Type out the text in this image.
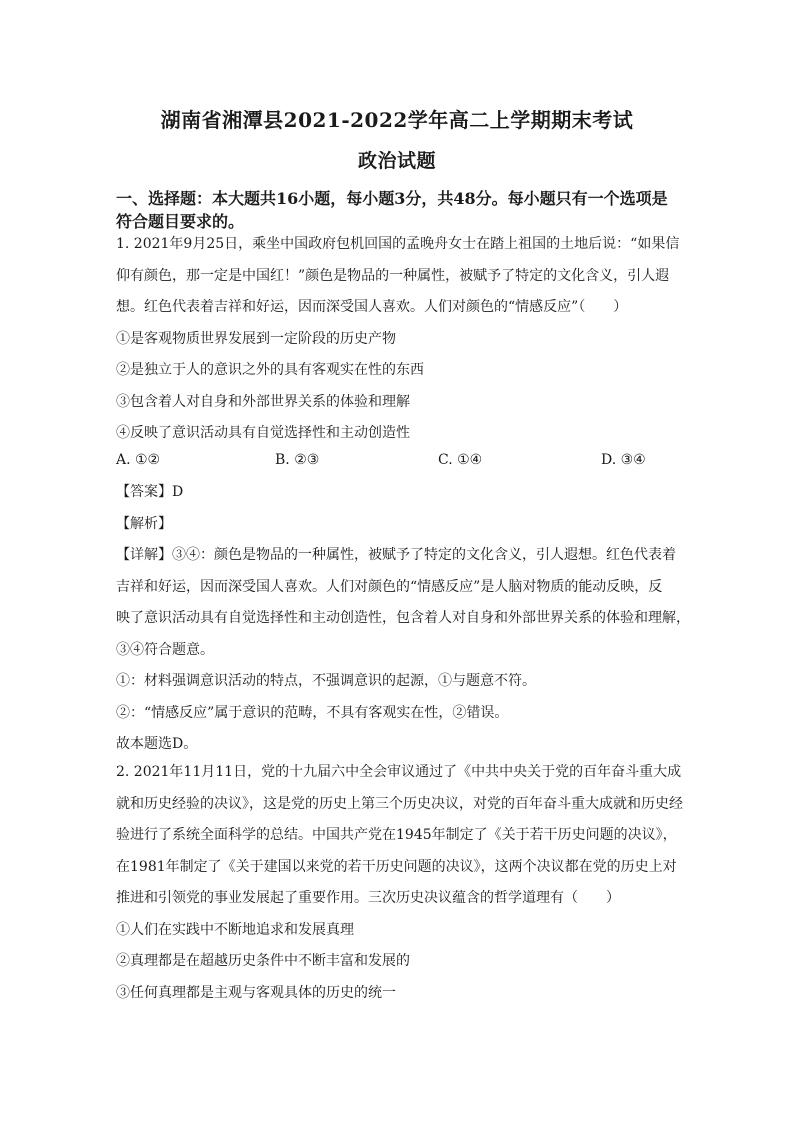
湖南省湘潭县2021-2022学年高二上学期期末考试
政治试题
一、选择题：本大题共16小题，每小题3分，共48分。每小题只有一个选项是
符合题目要求的。
1. 2021年9月25日，乘坐中国政府包机回国的孟晚舟女士在踏上祖国的土地后说：“如果信
仰有颜色，那一定是中国红！”颜色是物品的一种属性，被赋予了特定的文化含义，引人遐
想。红色代表着吉祥和好运，因而深受国人喜欢。人们对颜色的“情感反应”（　　）
①是客观物质世界发展到一定阶段的历史产物
②是独立于人的意识之外的具有客观实在性的东西
③包含着人对自身和外部世界关系的体验和理解
④反映了意识活动具有自觉选择性和主动创造性
A. ①②	B. ②③	C. ①④	D. ③④
【答案】D
【解析】
【详解】③④：颜色是物品的一种属性，被赋予了特定的文化含义，引人遐想。红色代表着
吉祥和好运，因而深受国人喜欢。人们对颜色的“情感反应”是人脑对物质的能动反映，反
映了意识活动具有自觉选择性和主动创造性，包含着人对自身和外部世界关系的体验和理解，
③④符合题意。
①：材料强调意识活动的特点，不强调意识的起源，①与题意不符。
②：“情感反应”属于意识的范畴，不具有客观实在性，②错误。
故本题选D。
2. 2021年11月11日，党的十九届六中全会审议通过了《中共中央关于党的百年奋斗重大成
就和历史经验的决议》，这是党的历史上第三个历史决议，对党的百年奋斗重大成就和历史经
验进行了系统全面科学的总结。中国共产党在1945年制定了《关于若干历史问题的决议》，
在1981年制定了《关于建国以来党的若干历史问题的决议》，这两个决议都在党的历史上对
推进和引领党的事业发展起了重要作用。三次历史决议蕴含的哲学道理有（　　）
①人们在实践中不断地追求和发展真理
②真理都是在超越历史条件中不断丰富和发展的
③任何真理都是主观与客观具体的历史的统一
